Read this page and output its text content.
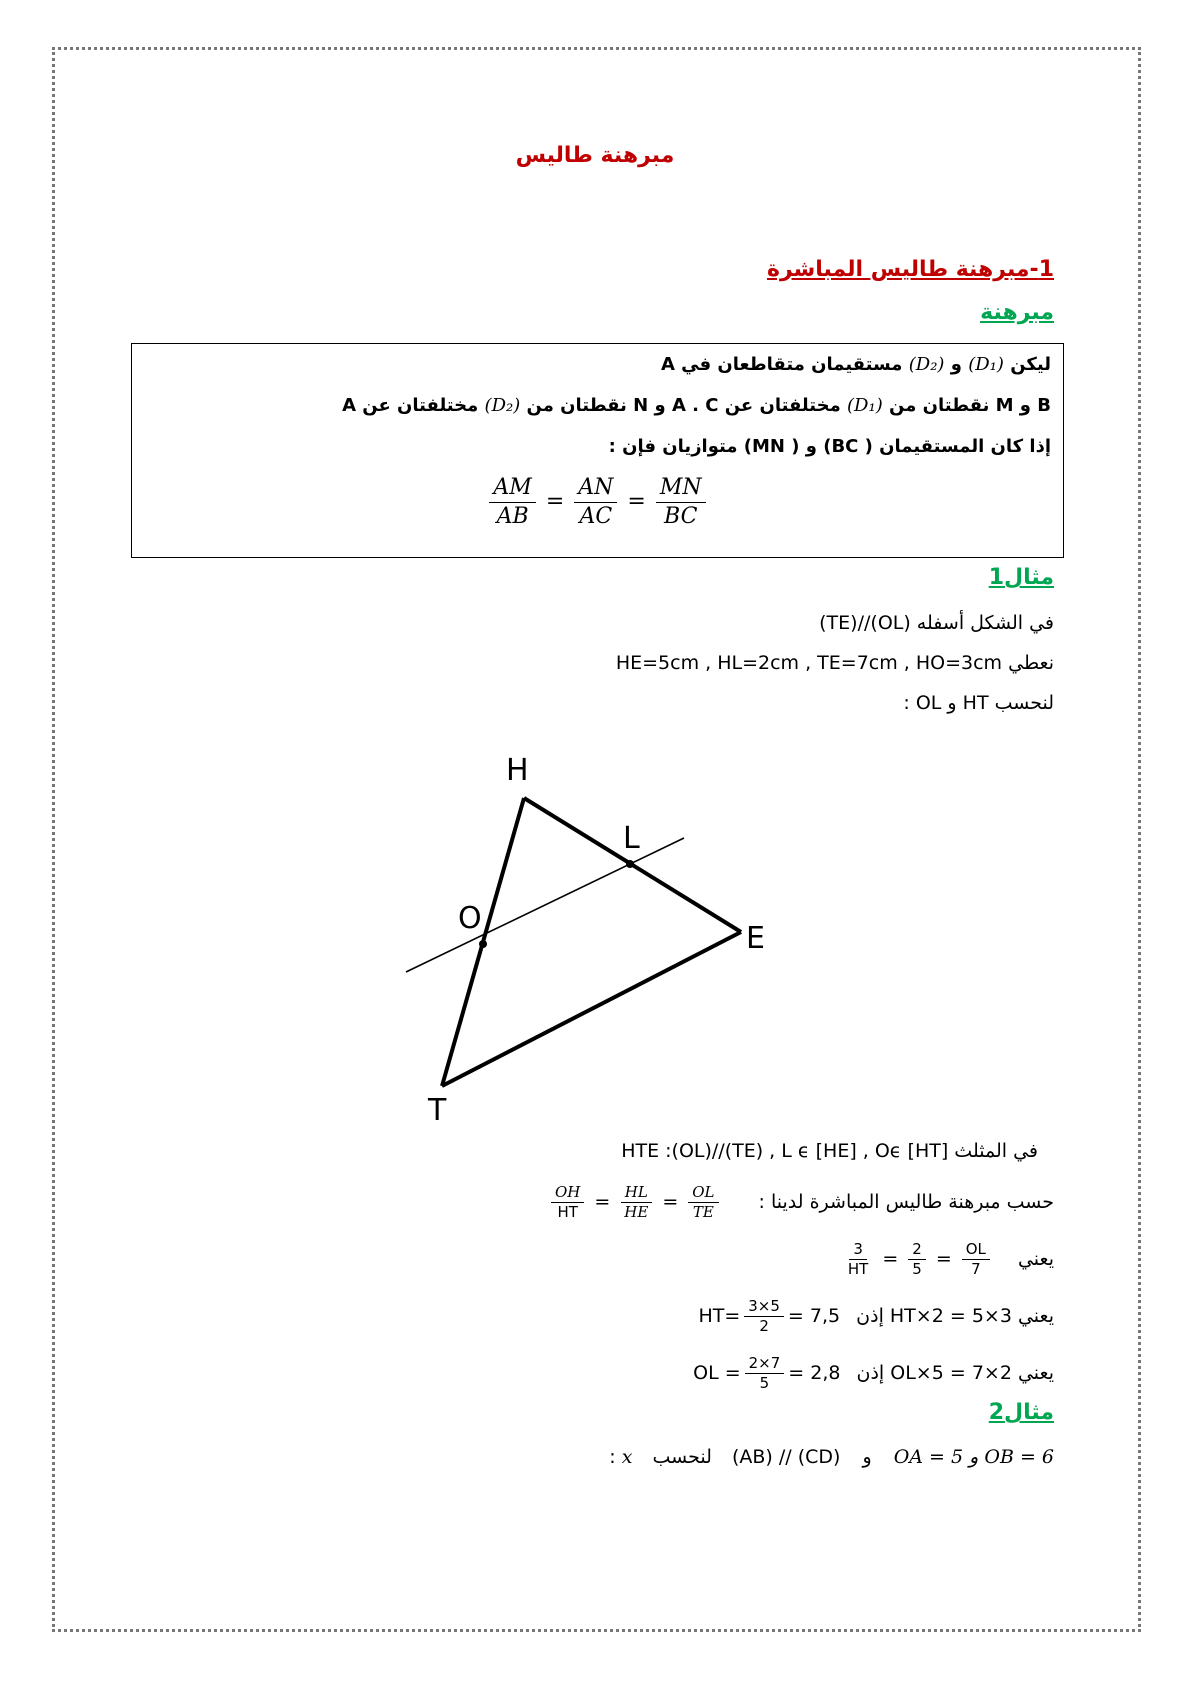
مبرهنة طاليس
1-مبرهنة طاليس المباشرة
مبرهنة
ليكن (D₁) و (D₂) مستقيمان متقاطعان في A
B و M نقطتان من (D₁) مختلفتان عن A . C و N نقطتان من (D₂) مختلفتان عن A
إذا كان المستقيمان ( BC) و ( MN) متوازيان فإن :
$\frac{AM}{AB} = \frac{AN}{AC} = \frac{MN}{BC}$
مثال1
في الشكل أسفله (OL)//(TE)
نعطي HE=5cm , HL=2cm , TE=7cm , HO=3cm
لنحسب HT و OL :
H
L
O
E
T
في المثلث HTE :(OL)//(TE) , L ϵ [HE] , Oϵ [HT]
حسب مبرهنة طاليس المباشرة لدينا :
$\frac{OH}{HT} = \frac{HL}{HE} = \frac{OL}{TE}$
يعني
$\frac{3}{HT} = \frac{2}{5} = \frac{OL}{7}$
يعني 3×5 = 2×HT إذن $HT= \frac{3\times 5}{2} = 7,5$
يعني 2×7 = 5×OL إذن OL = $\frac{2\times 7}{5} = 2,8$
مثال2
OA = 5 و OB = 6 و (AB) // (CD) لنحسب x :
